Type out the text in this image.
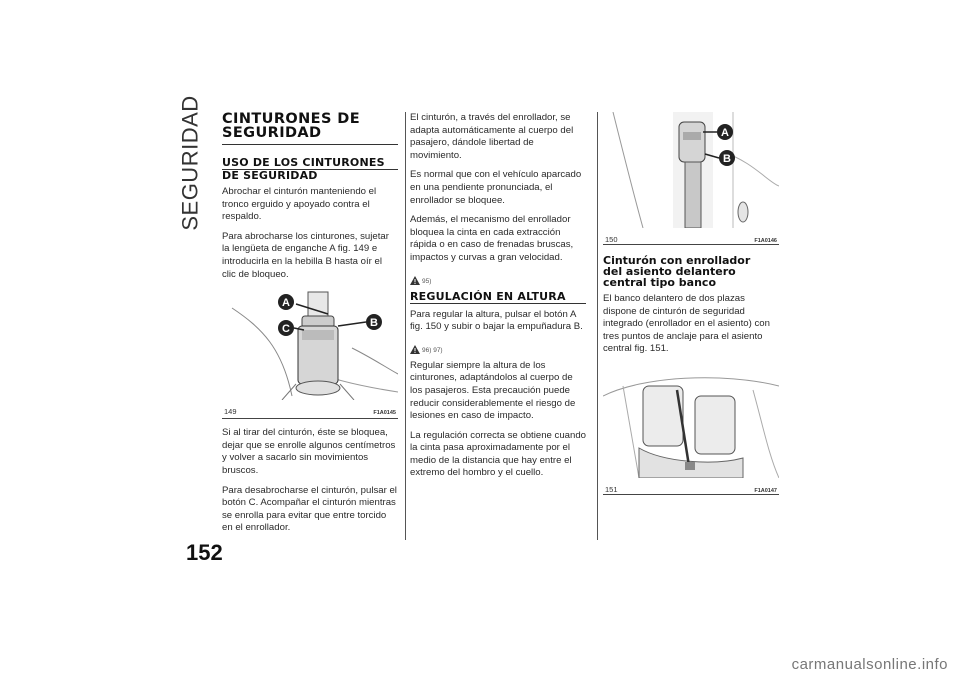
SEGURIDAD
152
CINTURONES DE
SEGURIDAD
USO DE LOS CINTURONES
DE SEGURIDAD

Abrochar el cinturón manteniendo el tronco erguido y apoyado contra el respaldo.

Para abrocharse los cinturones, sujetar la lengüeta de enganche A fig. 149 e introducirla en la hebilla B hasta oír el clic de bloqueo.

A
C	B
149	F1A0145

Si al tirar del cinturón, éste se bloquea, dejar que se enrolle algunos centímetros y volver a sacarlo sin movimientos bruscos.

Para desabrocharse el cinturón, pulsar el botón C. Acompañar el cinturón mientras se enrolla para evitar que entre torcido en el enrollador.

El cinturón, a través del enrollador, se adapta automáticamente al cuerpo del pasajero, dándole libertad de movimiento.

Es normal que con el vehículo aparcado en una pendiente pronunciada, el enrollador se bloquee.

Además, el mecanismo del enrollador bloquea la cinta en cada extracción rápida o en caso de frenadas bruscas, impactos y curvas a gran velocidad.

95)
REGULACIÓN EN ALTURA

Para regular la altura, pulsar el botón A fig. 150 y subir o bajar la empuñadura B.

96) 97)

Regular siempre la altura de los cinturones, adaptándolos al cuerpo de los pasajeros. Esta precaución puede reducir considerablemente el riesgo de lesiones en caso de impacto.

La regulación correcta se obtiene cuando la cinta pasa aproximadamente por el medio de la distancia que hay entre el extremo del hombro y el cuello.

A
B
150	F1A0146
Cinturón con enrollador
del asiento delantero
central tipo banco

El banco delantero de dos plazas dispone de cinturón de seguridad integrado (enrollador en el asiento) con tres puntos de anclaje para el asiento central fig. 151.

151	F1A0147
carmanualsonline.info
